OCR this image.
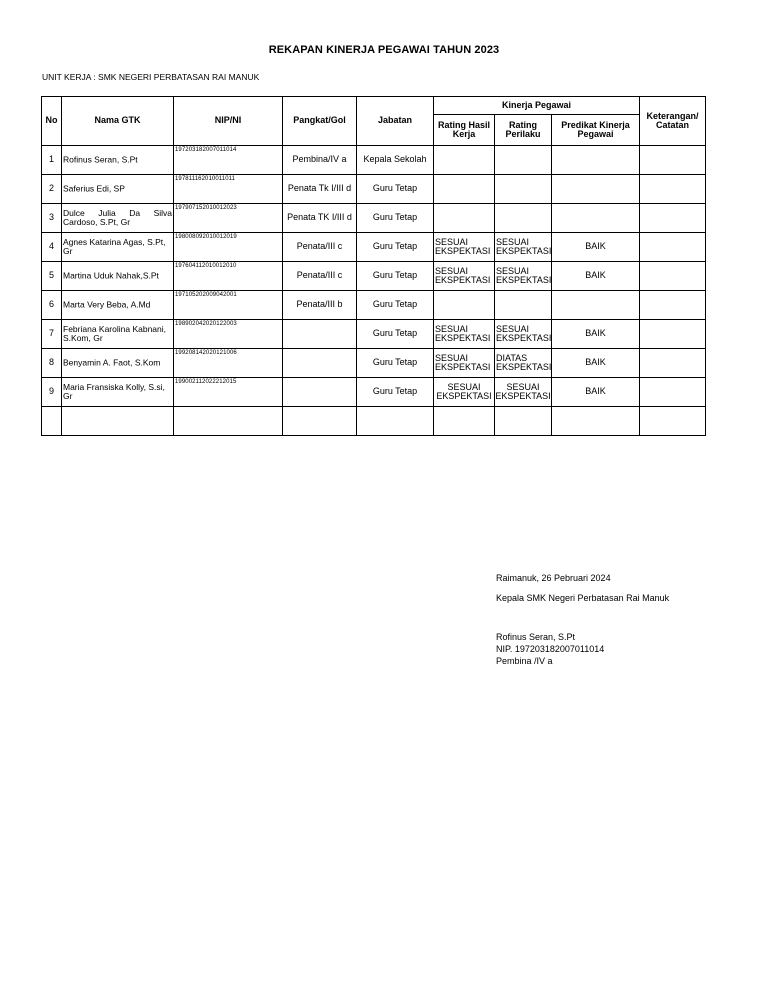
REKAPAN KINERJA PEGAWAI TAHUN 2023
UNIT KERJA : SMK NEGERI PERBATASAN RAI MANUK
No	Nama GTK	NIP/NI	Pangkat/Gol	Jabatan	Kinerja Pegawai			Keterangan/ Catatan
					Rating Hasil Kerja	Rating Perilaku	Predikat Kinerja Pegawai	
1	Rofinus Seran, S.Pt	197203182007011014	Pembina/IV a	Kepala Sekolah				
2	Saferius Edi, SP	197811162010011011	Penata Tk I/III d	Guru Tetap				
3	Dulce Julia Da Silva Cardoso, S.Pt, Gr	197907152010012023	Penata TK I/III d	Guru Tetap				
4	Agnes Katarina Agas, S.Pt, Gr	198008092010012019	Penata/III c	Guru Tetap	SESUAI EKSPEKTASI	SESUAI EKSPEKTASI	BAIK	
5	Martina Uduk Nahak,S.Pt	197604112010012010	Penata/III c	Guru Tetap	SESUAI EKSPEKTASI	SESUAI EKSPEKTASI	BAIK	
6	Marta Very Beba, A.Md	197105202009042001	Penata/III b	Guru Tetap				
7	Febriana Karolina Kabnani, S.Kom, Gr	198902042020122003		Guru Tetap	SESUAI EKSPEKTASI	SESUAI EKSPEKTASI	BAIK	
8	Benyamin A. Faot, S.Kom	199208142020121006		Guru Tetap	SESUAI EKSPEKTASI	DIATAS EKSPEKTASI	BAIK	
9	Maria Fransiska Kolly, S.si, Gr	199002112022212015		Guru Tetap	SESUAI EKSPEKTASI	SESUAI EKSPEKTASI	BAIK	

Raimanuk, 26 Pebruari 2024
Kepala SMK Negeri Perbatasan Rai Manuk
Rofinus Seran, S.Pt
NIP. 197203182007011014
Pembina /IV a
